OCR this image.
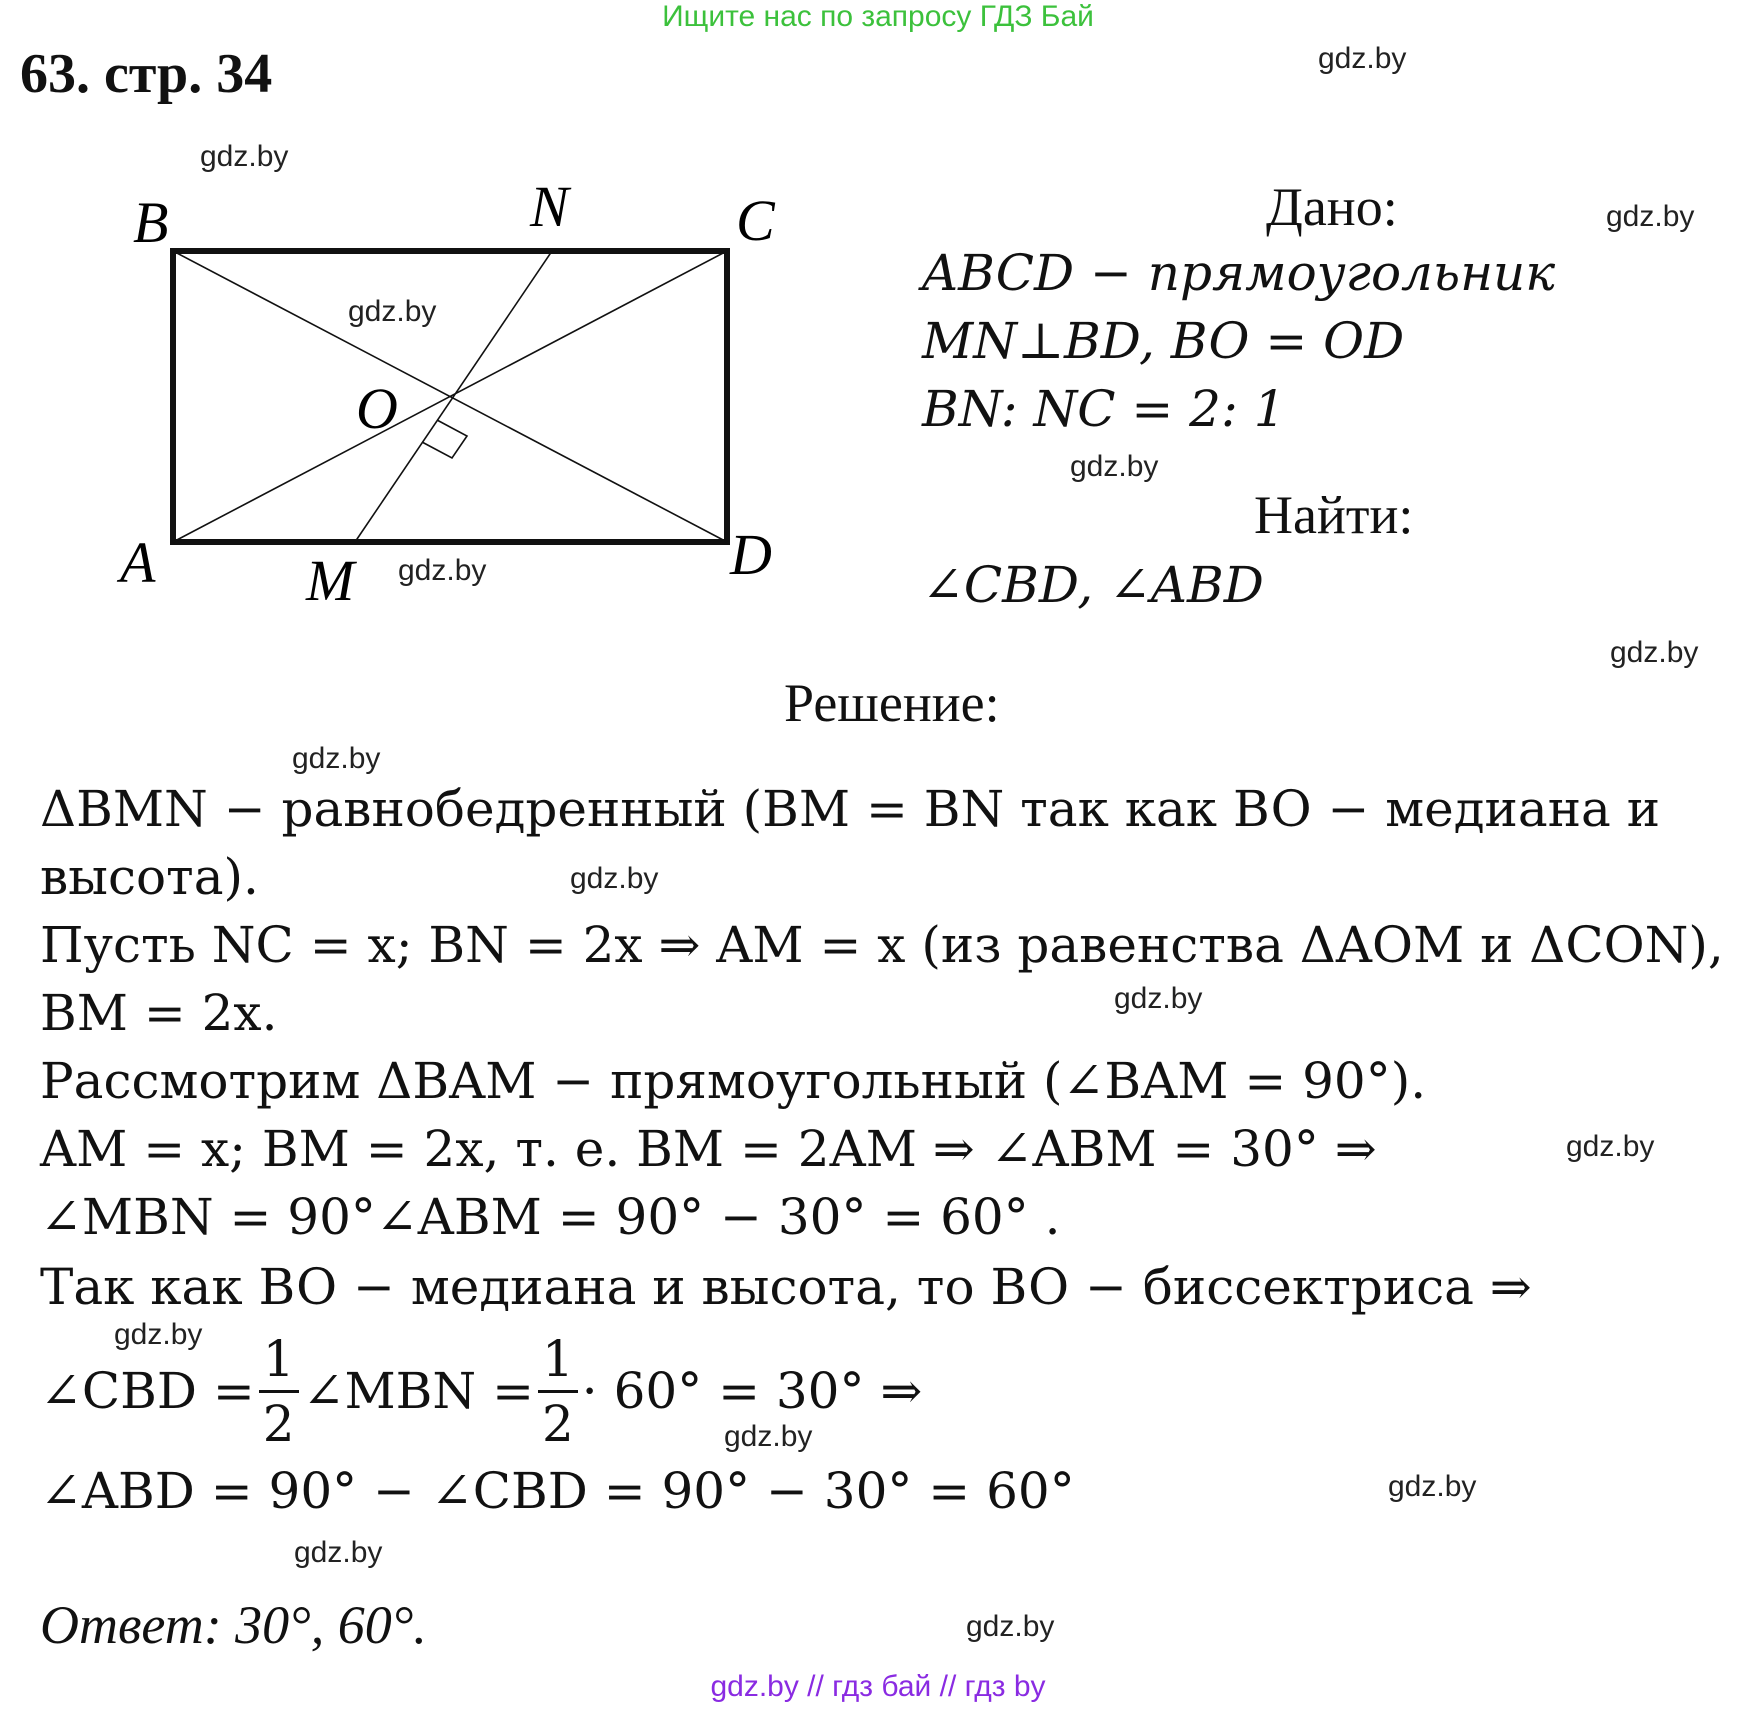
Ищите нас по запросу ГДЗ Бай
63. стр. 34	gdz.by
gdz.by
gdz.by
gdz.by
gdz.by
gdz.by
gdz.by
gdz.by
gdz.by
gdz.by
gdz.by
gdz.by
gdz.by
gdz.by
gdz.by
gdz.by
B	N	C
O
A	M	D
Дано:
ABCD − прямоугольник
MN⊥BD, BO = OD
BN: NC = 2: 1
Найти:
∠CBD, ∠ABD
Решение:
ΔBMN − равнобедренный (BM = BN так как BO − медиана и
высота).
Пусть NC = x; BN = 2x ⇒ AM = x (из равенства ΔAOM и ΔCON),
BM = 2x.
Рассмотрим ΔBAM − прямоугольный (∠BAM = 90°).
AM = x; BM = 2x, т. е. BM = 2AM ⇒ ∠ABM = 30° ⇒
∠MBN = 90°∠ABM = 90° − 30° = 60° .
Так как BO − медиана и высота, то BO − биссектриса ⇒
∠CBD = $\frac{1}{2}$ ∠MBN = $\frac{1}{2} \cdot 60^\circ = 30^\circ$ ⇒
∠ABD = 90° − ∠CBD = 90° − 30° = 60°
Ответ: 30°, 60°.
gdz.by // гдз бай // гдз by
